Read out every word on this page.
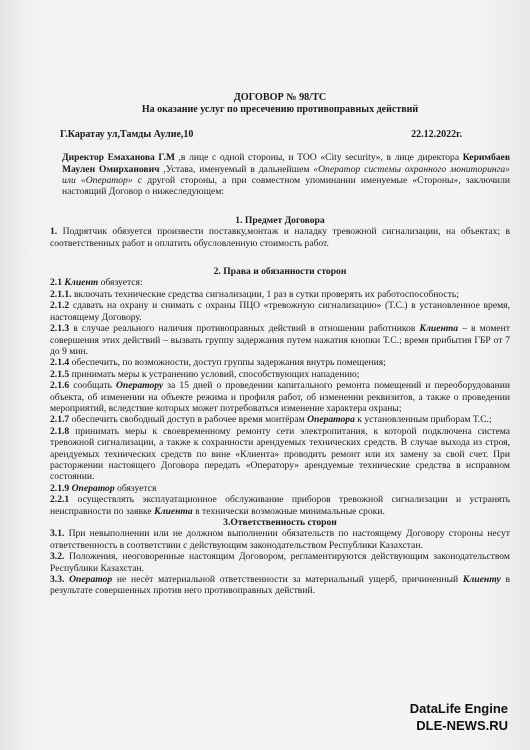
ДОГОВОР № 98/ТС
На оказание услуг по пресечению противоправных действий
Г.Каратау ул,Тамды Аулие,10	22.12.2022г.
Директор Емаханова Г.М ,в лице с одной стороны, и ТОО «City security», в лице директора Керимбаев Маулен Омирханович ,Устава, именуемый в дальнейшем «Оператор системы охранного мониторинга» или «Оператор» с другой стороны, а при совместном упоминании именуемые «Стороны», заключили настоящий Договор о нижеследующем:
1. Предмет Договора
1. Подрятчик обязуется произвести поставку,монтаж и наладку тревожной сигнализации, на объектах; в соответственных работ и оплатить обусловленную стоимость работ.
2. Права и обязанности сторон
2.1 Клиент обязуется:
2.1.1. включать технические средства сигнализации, 1 раз в сутки проверять их работоспособность;
2.1.2 сдавать на охрану и снимать с охраны ПЦО «тревожную сигнализацию» (Т.С.) в установленное время, настоящему Договору.
2.1.3 в случае реального наличия противоправных действий в отношении работников Клиента – в момент совершения этих действий – вызвать группу задержания путем нажатия кнопки Т.С.; время прибытия ГБР от 7 до 9 мин.
2.1.4 обеспечить, по возможности, доступ группы задержания внутрь помещения;
2.1.5 принимать меры к устранению условий, способствующих нападению;
2.1.6 сообщать Оператору за 15 дней о проведении капитального ремонта помещений и переоборудовании объекта, об изменении на объекте режима и профиля работ, об изменении реквизитов, а также о проведении мероприятий, вследствие которых может потребоваться изменение характера охраны;
2.1.7 обеспечить свободный доступ в рабочее время монтёрам Оператора к установленным приборам Т.С.;
2.1.8 принимать меры к своевременному ремонту сети электропитания, к которой подключена система тревожной сигнализации, а также к сохранности арендуемых технических средств. В случае выхода из строя, арендуемых технических средств по вине «Клиента» проводить ремонт или их замену за свой счет. При расторжении настоящего Договора передать «Оператору» арендуемые технические средства в исправном состоянии.
2.1.9 Оператор обязуется
2.2.1 осуществлять эксплуатационное обслуживание приборов тревожной сигнализации и устранять неисправности по заявке Клиента в технически возможные минимальные сроки.
3.Ответственность сторон
3.1. При невыполнении или не должном выполнении обязательств по настоящему Договору стороны несут ответственность в соответствии с действующим законодательством Республики Казахстан.
3.2. Положения, неоговоренные настоящим Договором, регламентируются действующим законодательством Республики Казахстан.
3.3. Оператор не несёт материальной ответственности за материальный ущерб, причиненный Клиенту в результате совершенных против него противоправных действий.
DataLife Engine
DLE-NEWS.RU
